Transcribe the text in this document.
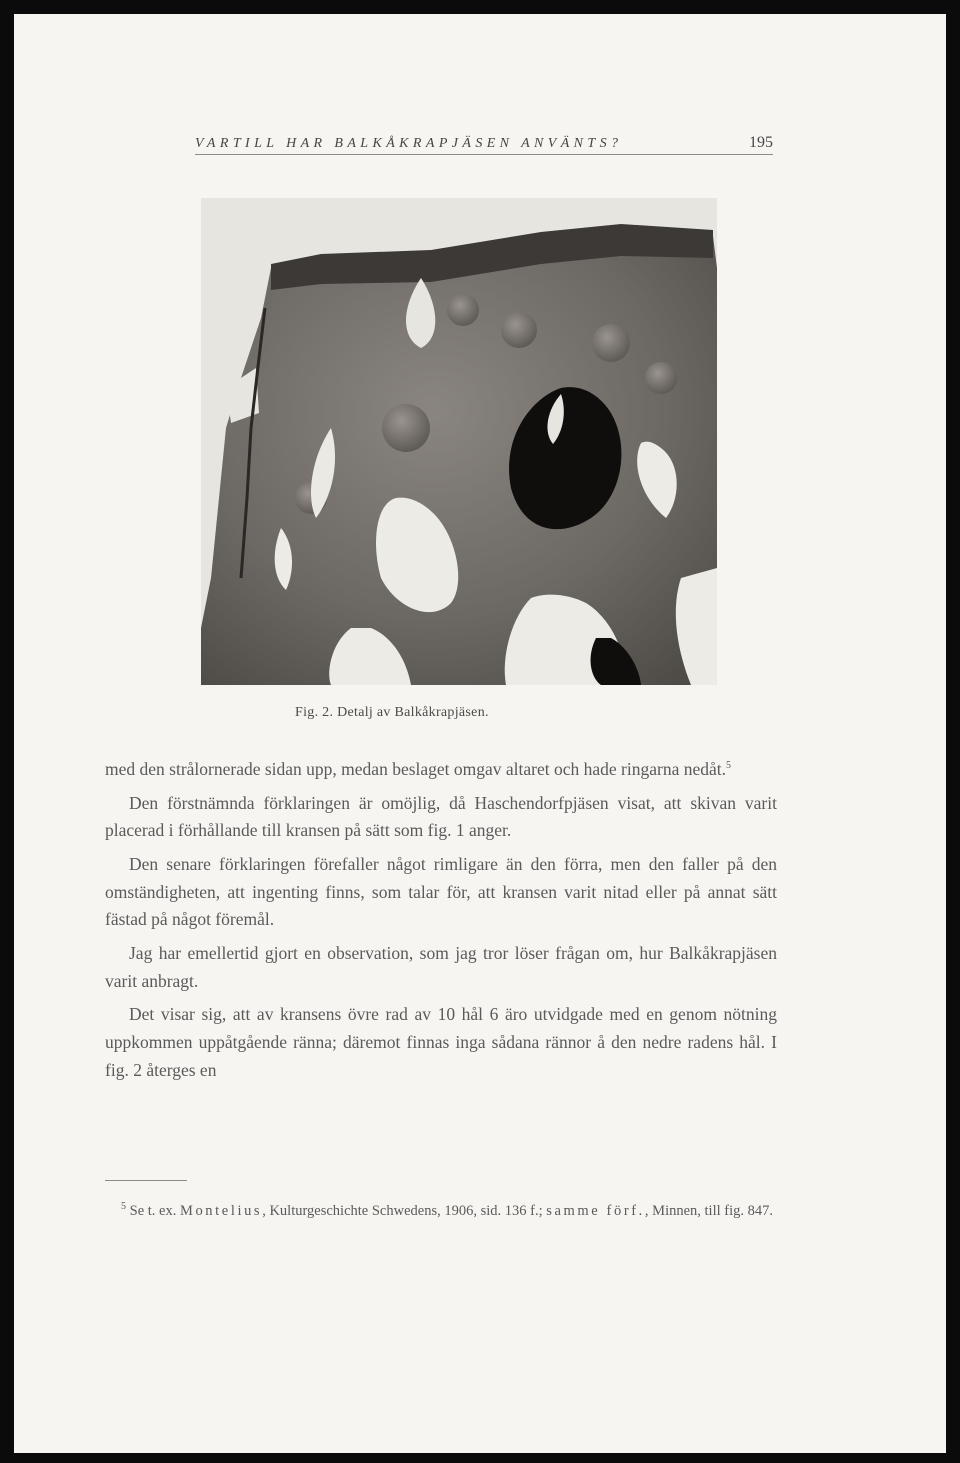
VARTILL HAR BALKÅKRAPJÄSEN ANVÄNTS?	195
Fig. 2. Detalj av Balkåkrapjäsen.

med den strålornerade sidan upp, medan beslaget omgav altaret och hade ringarna nedåt.$^5$

Den förstnämnda förklaringen är omöjlig, då Haschendorfpjäsen visat, att skivan varit placerad i förhållande till kransen på sätt som fig. 1 anger.

Den senare förklaringen förefaller något rimligare än den förra, men den faller på den omständigheten, att ingenting finns, som talar för, att kransen varit nitad eller på annat sätt fästad på något föremål.

Jag har emellertid gjort en observation, som jag tror löser frågan om, hur Balkåkrapjäsen varit anbragt.

Det visar sig, att av kransens övre rad av 10 hål 6 äro utvidgade med en genom nötning uppkommen uppåtgående ränna; däremot finnas inga sådana rännor å den nedre radens hål. I fig. 2 återges en

$^5$ Se t. ex. Montelius, Kulturgeschichte Schwedens, 1906, sid. 136 f.; samme förf., Minnen, till fig. 847.
